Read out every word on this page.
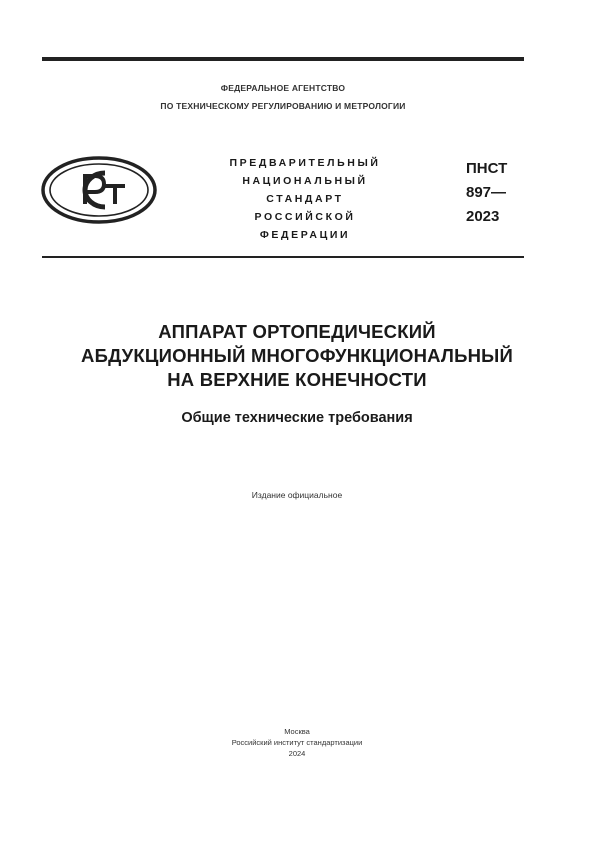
ФЕДЕРАЛЬНОЕ АГЕНТСТВО
ПО ТЕХНИЧЕСКОМУ РЕГУЛИРОВАНИЮ И МЕТРОЛОГИИ
ПРЕДВАРИТЕЛЬНЫЙ
НАЦИОНАЛЬНЫЙ
СТАНДАРТ
РОССИЙСКОЙ
ФЕДЕРАЦИИ
ПНСТ
897—
2023
АППАРАТ ОРТОПЕДИЧЕСКИЙ
АБДУКЦИОННЫЙ МНОГОФУНКЦИОНАЛЬНЫЙ
НА ВЕРХНИЕ КОНЕЧНОСТИ
Общие технические требования
Издание официальное
Москва
Российский институт стандартизации
2024
